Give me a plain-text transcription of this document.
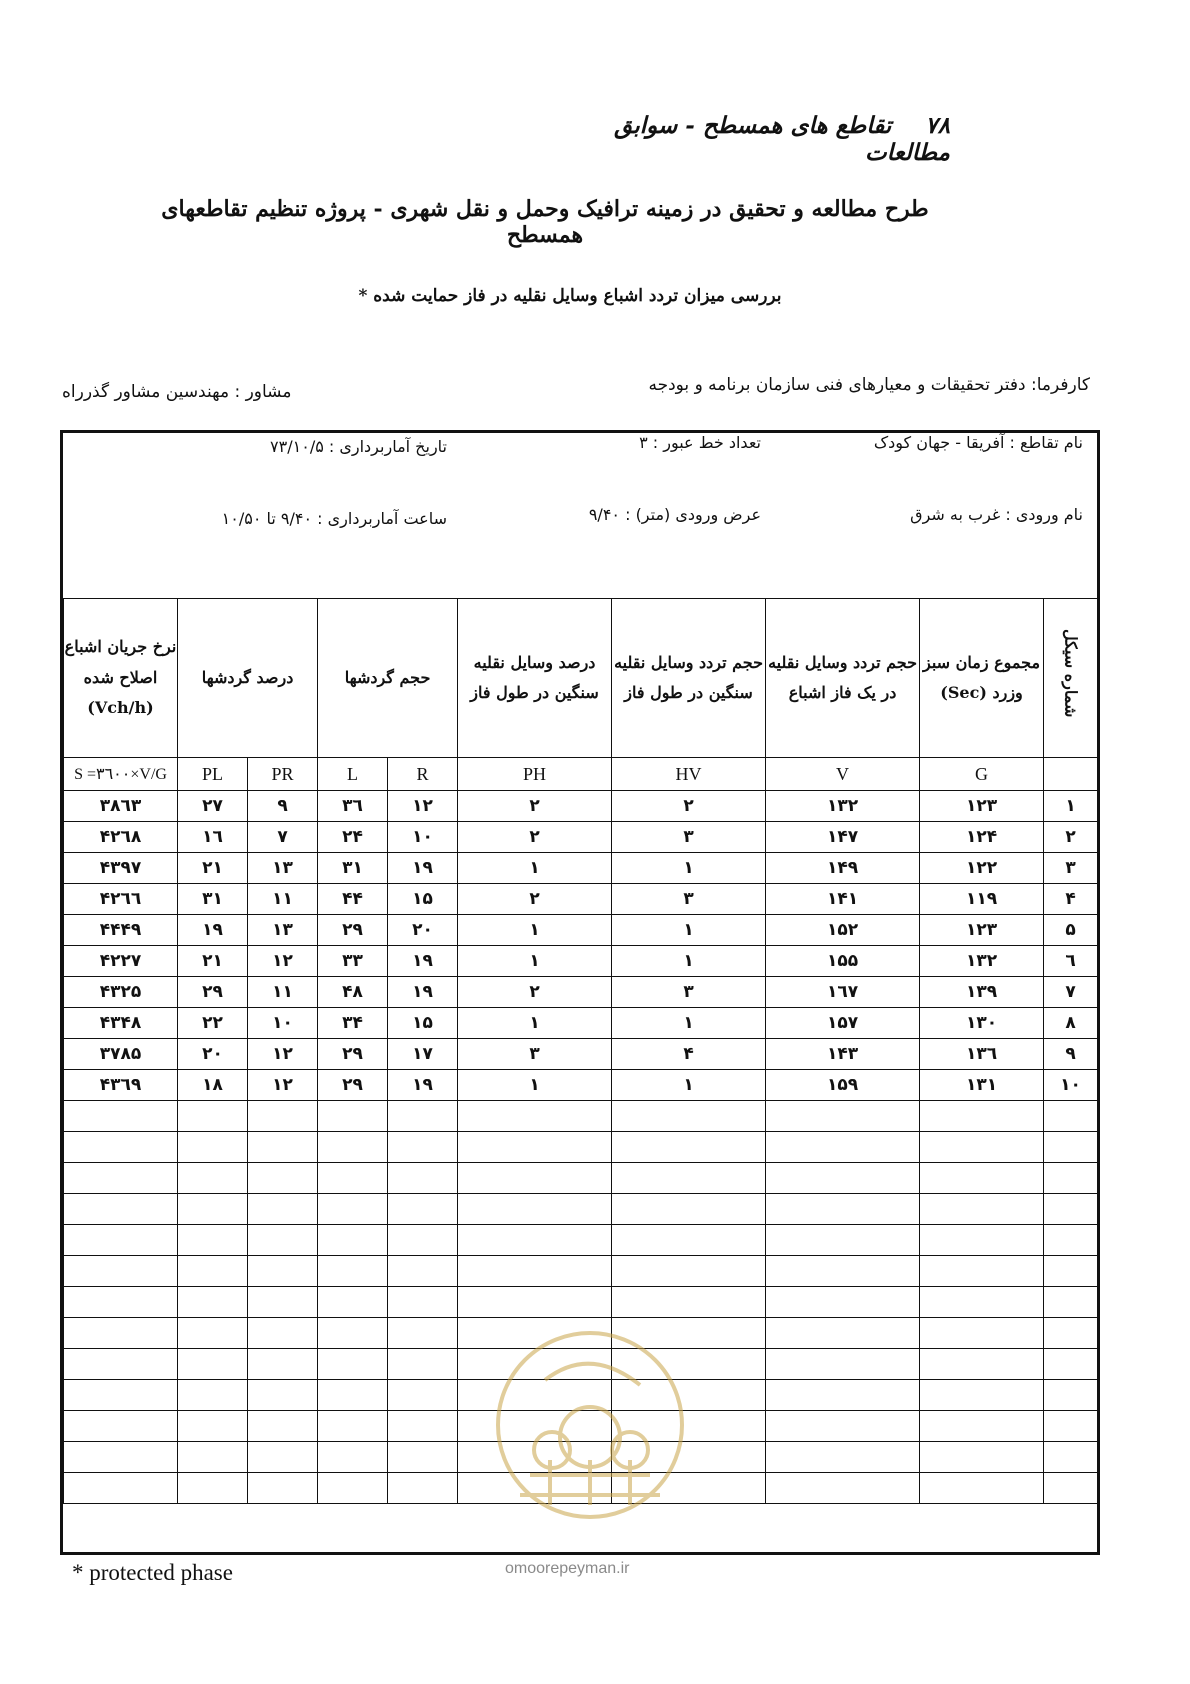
۷۸ تقاطع های همسطح - سوابق مطالعات
طرح مطالعه و تحقیق در زمینه ترافیک وحمل و نقل شهری - پروژه تنظیم تقاطعهای همسطح
بررسی میزان تردد اشباع وسایل نقلیه در فاز حمایت شده *
کارفرما: دفتر تحقیقات و معیارهای فنی سازمان برنامه و بودجه
مشاور : مهندسین مشاور گذرراه
نام تقاطع : آفریقا - جهان کودک
تعداد خط عبور : ۳
تاریخ آماربرداری : ۷۳/۱۰/۵
نام ورودی : غرب به شرق
عرض ورودی (متر) : ۹/۴۰
ساعت آماربرداری : ۹/۴۰ تا ۱۰/۵۰
شماره سیکل	مجموع زمان سبز وزرد (Sec)	حجم تردد وسایل نقلیه در یک فاز اشباع	حجم تردد وسایل نقلیه سنگین در طول فاز	درصد وسایل نقلیه سنگین در طول فاز	حجم گردشها		درصد گردشها		نرخ جریان اشباع اصلاح شده (Vch/h)
	G	V	HV	PH	R	L	PR	PL	S =۳٦۰۰×V/G
۱	۱۲۳	۱۳۲	۲	۲	۱۲	۳٦	۹	۲۷	۳۸٦۳
۲	۱۲۴	۱۴۷	۳	۲	۱۰	۲۴	۷	۱٦	۴۲٦۸
۳	۱۲۲	۱۴۹	۱	۱	۱۹	۳۱	۱۳	۲۱	۴۳۹۷
۴	۱۱۹	۱۴۱	۳	۲	۱۵	۴۴	۱۱	۳۱	۴۲٦٦
۵	۱۲۳	۱۵۲	۱	۱	۲۰	۲۹	۱۳	۱۹	۴۴۴۹
٦	۱۳۲	۱۵۵	۱	۱	۱۹	۳۳	۱۲	۲۱	۴۲۲۷
۷	۱۳۹	۱٦۷	۳	۲	۱۹	۴۸	۱۱	۲۹	۴۳۲۵
۸	۱۳۰	۱۵۷	۱	۱	۱۵	۳۴	۱۰	۲۲	۴۳۴۸
۹	۱۳٦	۱۴۳	۴	۳	۱۷	۲۹	۱۲	۲۰	۳۷۸۵
۱۰	۱۳۱	۱۵۹	۱	۱	۱۹	۲۹	۱۲	۱۸	۴۳٦۹

* protected phase	omoorepeyman.ir
